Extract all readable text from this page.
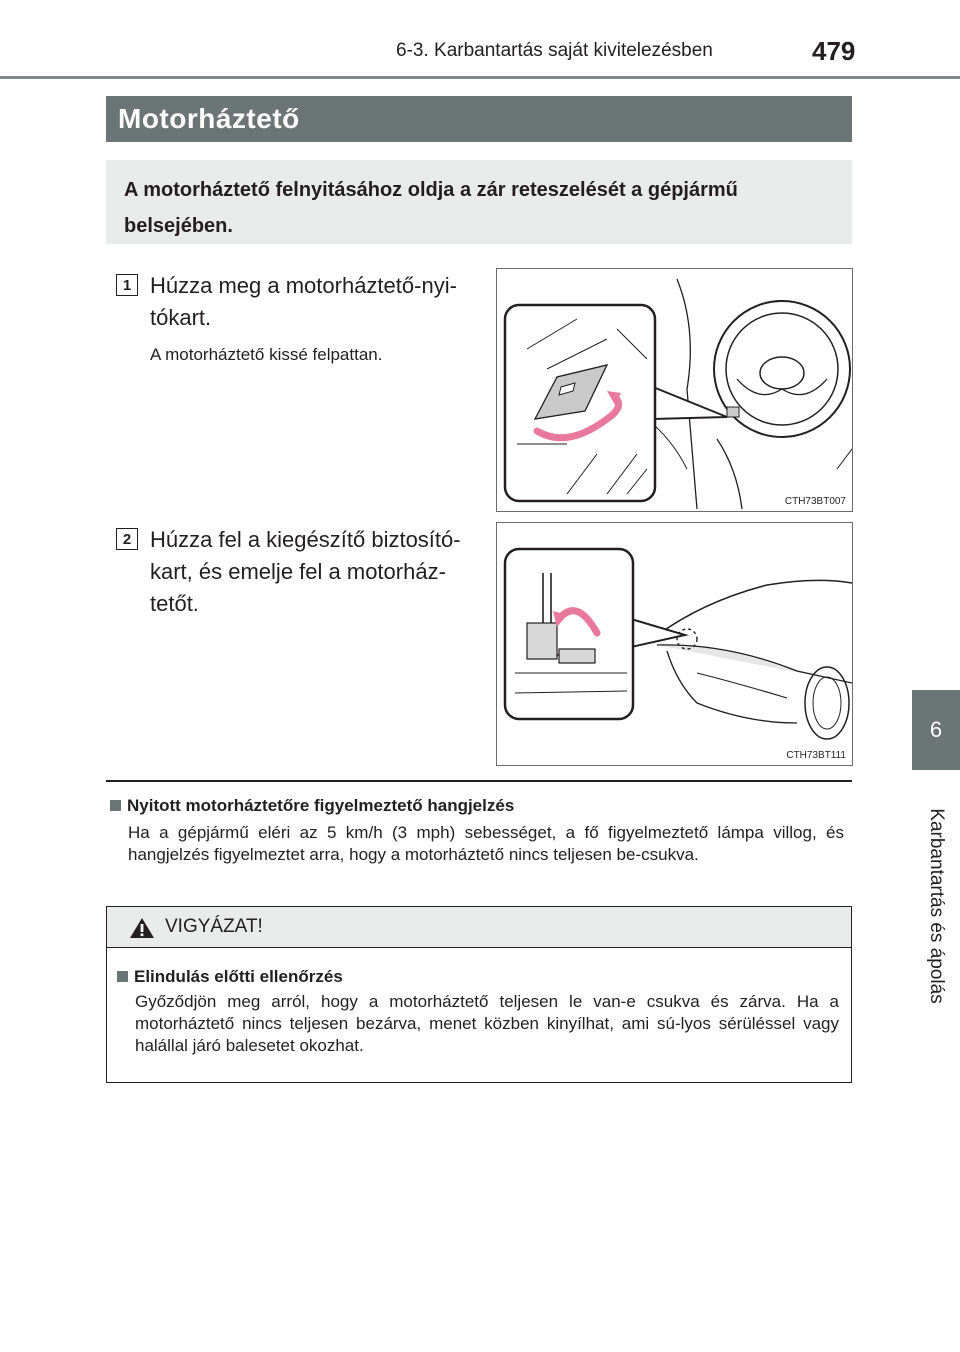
6-3. Karbantartás saját kivitelezésben	479
6
Karbantartás és ápolás
Motorháztető
A motorháztető felnyitásához oldja a zár reteszelését a gépjármű belsejében.
1 Húzza meg a motorháztető-nyi-tókart.
A motorháztető kissé felpattan.
CTH73BT007
2 Húzza fel a kiegészítő biztosító-kart, és emelje fel a motorház-tetőt.
CTH73BT111
Nyitott motorháztetőre figyelmeztető hangjelzés
Ha a gépjármű eléri az 5 km/h (3 mph) sebességet, a fő figyelmeztető lámpa villog, és hangjelzés figyelmeztet arra, hogy a motorháztető nincs teljesen be-csukva.
VIGYÁZAT!
Elindulás előtti ellenőrzés
Győződjön meg arról, hogy a motorháztető teljesen le van-e csukva és zárva. Ha a motorháztető nincs teljesen bezárva, menet közben kinyílhat, ami sú-lyos sérüléssel vagy halállal járó balesetet okozhat.
